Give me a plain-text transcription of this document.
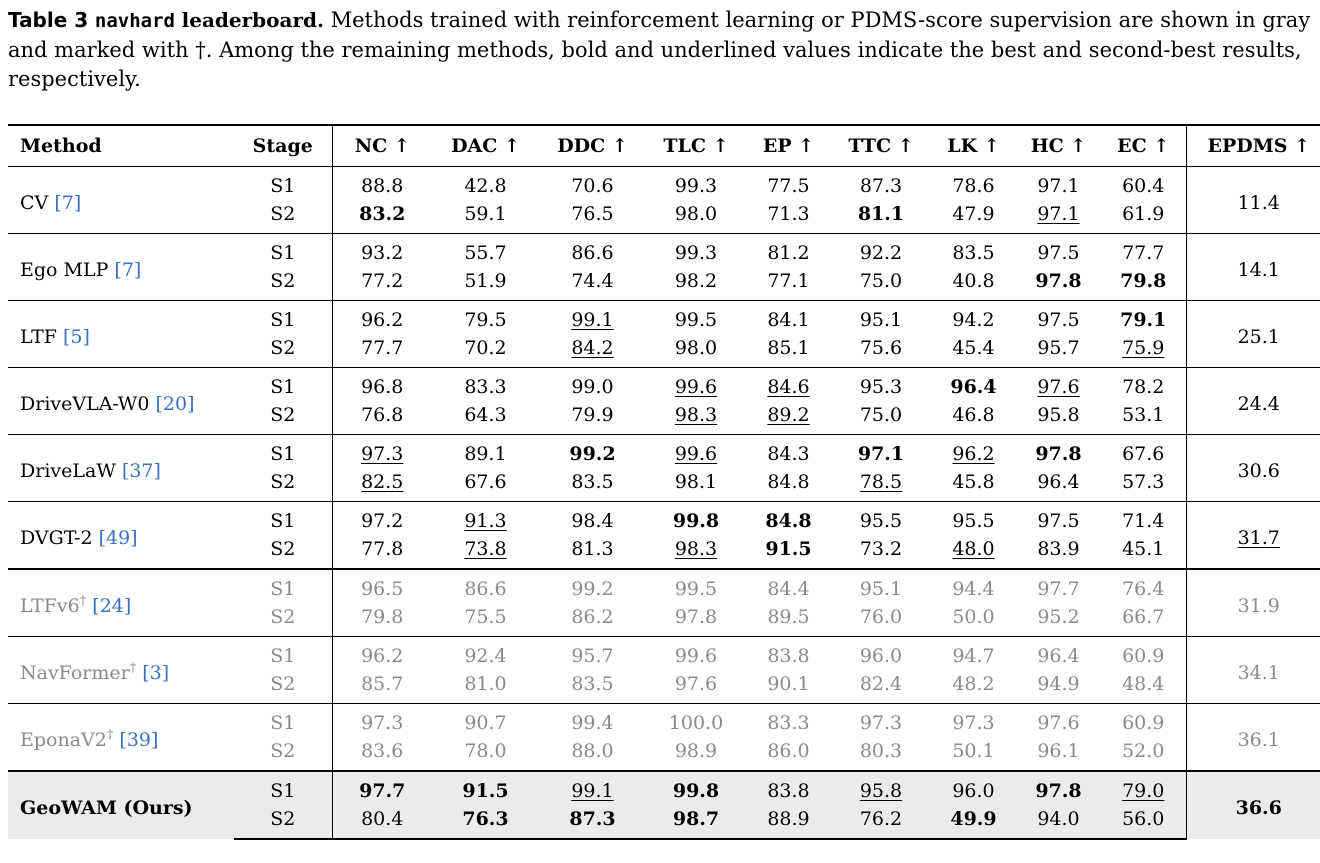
Table 3 navhard leaderboard. Methods trained with reinforcement learning or PDMS-score supervision are shown in gray and marked with †. Among the remaining methods, bold and underlined values indicate the best and second-best results, respectively.

Method	Stage	NC ↑	DAC ↑	DDC ↑	TLC ↑	EP ↑	TTC ↑	LK ↑	HC ↑	EC ↑	EPDMS ↑
CV [7]	S1	88.8	42.8	70.6	99.3	77.5	87.3	78.6	97.1	60.4	11.4
	S2	83.2	59.1	76.5	98.0	71.3	81.1	47.9	97.1	61.9	
Ego MLP [7]	S1	93.2	55.7	86.6	99.3	81.2	92.2	83.5	97.5	77.7	14.1
	S2	77.2	51.9	74.4	98.2	77.1	75.0	40.8	97.8	79.8	
LTF [5]	S1	96.2	79.5	99.1	99.5	84.1	95.1	94.2	97.5	79.1	25.1
	S2	77.7	70.2	84.2	98.0	85.1	75.6	45.4	95.7	75.9	
DriveVLA-W0 [20]	S1	96.8	83.3	99.0	99.6	84.6	95.3	96.4	97.6	78.2	24.4
	S2	76.8	64.3	79.9	98.3	89.2	75.0	46.8	95.8	53.1	
DriveLaW [37]	S1	97.3	89.1	99.2	99.6	84.3	97.1	96.2	97.8	67.6	30.6
	S2	82.5	67.6	83.5	98.1	84.8	78.5	45.8	96.4	57.3	
DVGT-2 [49]	S1	97.2	91.3	98.4	99.8	84.8	95.5	95.5	97.5	71.4	31.7
	S2	77.8	73.8	81.3	98.3	91.5	73.2	48.0	83.9	45.1	
LTFv6† [24]	S1	96.5	86.6	99.2	99.5	84.4	95.1	94.4	97.7	76.4	31.9
	S2	79.8	75.5	86.2	97.8	89.5	76.0	50.0	95.2	66.7	
NavFormer† [3]	S1	96.2	92.4	95.7	99.6	83.8	96.0	94.7	96.4	60.9	34.1
	S2	85.7	81.0	83.5	97.6	90.1	82.4	48.2	94.9	48.4	
EponaV2† [39]	S1	97.3	90.7	99.4	100.0	83.3	97.3	97.3	97.6	60.9	36.1
	S2	83.6	78.0	88.0	98.9	86.0	80.3	50.1	96.1	52.0	
GeoWAM (Ours)	S1	97.7	91.5	99.1	99.8	83.8	95.8	96.0	97.8	79.0	36.6
	S2	80.4	76.3	87.3	98.7	88.9	76.2	49.9	94.0	56.0	
